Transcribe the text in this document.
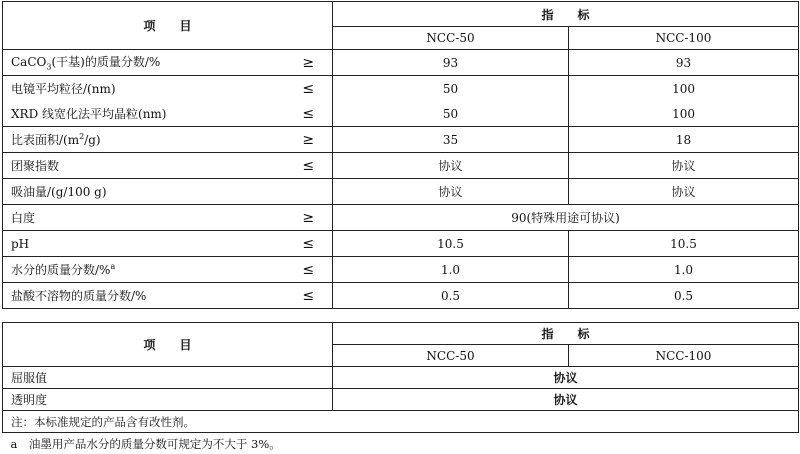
项　　目		指　　标	
		NCC-50	NCC-100
CaCO$_3$(干基)的质量分数/%	≥	93	93
电镜平均粒径/(nm)	≤	50	100
XRD 线宽化法平均晶粒(nm)	≤	50	100
比表面积$/(m^2/g)$	≥	35	18
团聚指数	≤	协议	协议
吸油量/(g/100 g)		协议	协议
白度	≥	90(特殊用途可协议)	
pH	≤	10.5	10.5
水分的质量分数/%$^a$	≤	1.0	1.0
盐酸不溶物的质量分数/%	≤	0.5	0.5
项　　目	指　　标	
	NCC-50	NCC-100
屈服值	协议	
透明度	协议	
注：本标准规定的产品含有改性剂。		
a　油墨用产品水分的质量分数可规定为不大于 3%。		
